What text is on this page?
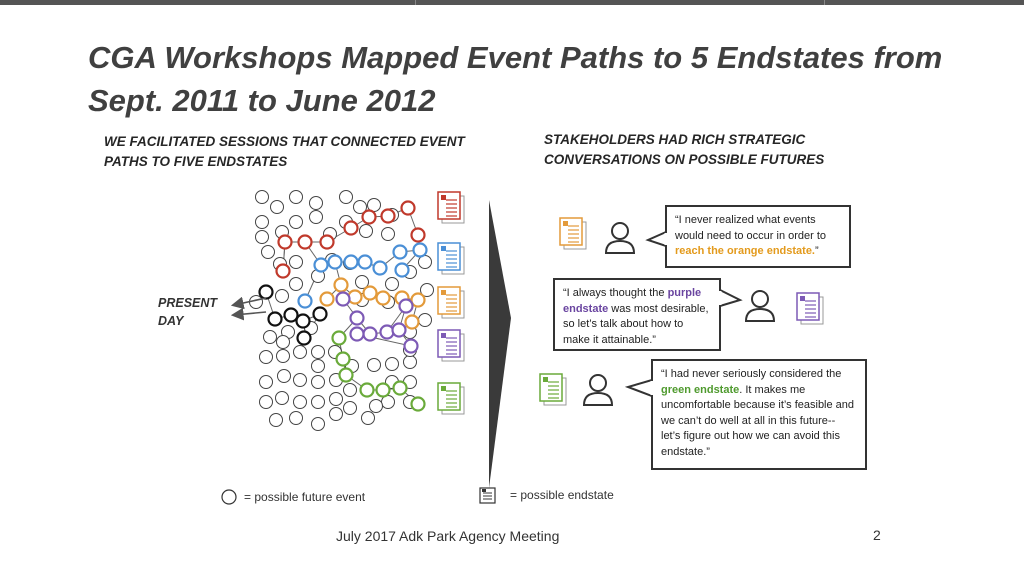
CGA Workshops Mapped Event Paths to 5 Endstates from Sept. 2011 to June 2012

WE FACILITATED SESSIONS THAT CONNECTED EVENT PATHS TO FIVE ENDSTATES

STAKEHOLDERS HAD RICH STRATEGIC CONVERSATIONS ON POSSIBLE FUTURES

PRESENT DAY
“I never realized what events would need to occur in order to reach the orange endstate.”
“I always thought the purple endstate was most desirable, so let’s talk about how to make it attainable.”
“I had never seriously considered the green endstate. It makes me uncomfortable because it’s feasible and we can’t do well at all in this future-- let’s figure out how we can avoid this endstate.”
= possible future event	= possible endstate
July 2017 Adk Park Agency Meeting	2
